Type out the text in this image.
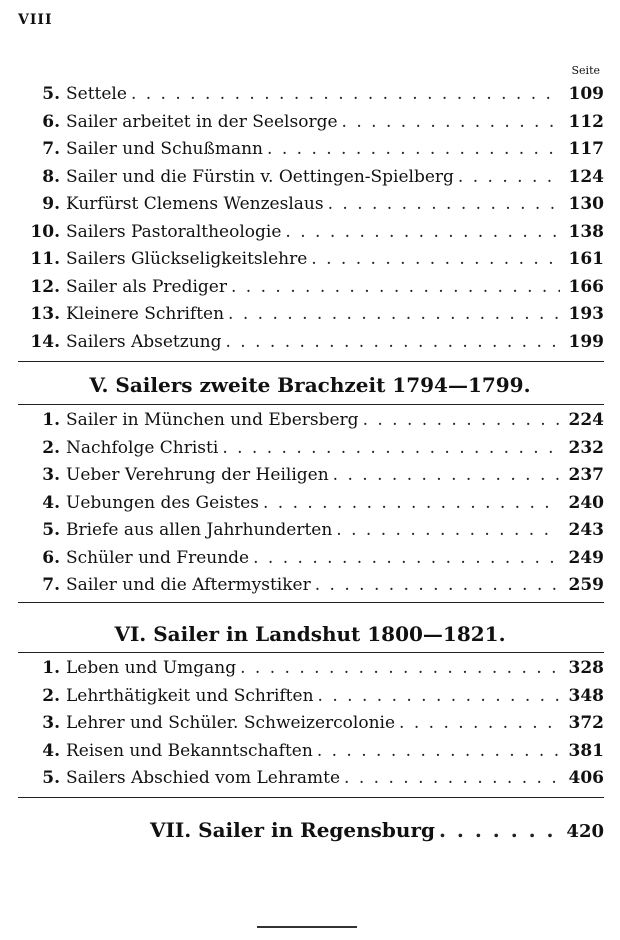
VIII
Seite
5. Settele . . .	109
6. Sailer arbeitet in der Seelsorge . . .	112
7. Sailer und Schußmann . . .	117
8. Sailer und die Fürstin v. Oettingen-Spielberg . . .	124
9. Kurfürst Clemens Wenzeslaus . . .	130
10. Sailers Pastoraltheologie . . .	138
11. Sailers Glückseligkeitslehre . . .	161
12. Sailer als Prediger . . .	166
13. Kleinere Schriften . . .	193
14. Sailers Absetzung . . .	199
V. Sailers zweite Brachzeit 1794—1799.
1. Sailer in München und Ebersberg . . .	224
2. Nachfolge Christi . . .	232
3. Ueber Verehrung der Heiligen . . .	237
4. Uebungen des Geistes . . .	240
5. Briefe aus allen Jahrhunderten . . .	243
6. Schüler und Freunde . . .	249
7. Sailer und die Aftermystiker . . .	259
VI. Sailer in Landshut 1800—1821.
1. Leben und Umgang . . .	328
2. Lehrthätigkeit und Schriften . . .	348
3. Lehrer und Schüler. Schweizercolonie . . .	372
4. Reisen und Bekanntschaften . . .	381
5. Sailers Abschied vom Lehramte . . .	406
VII. Sailer in Regensburg . . .	420
